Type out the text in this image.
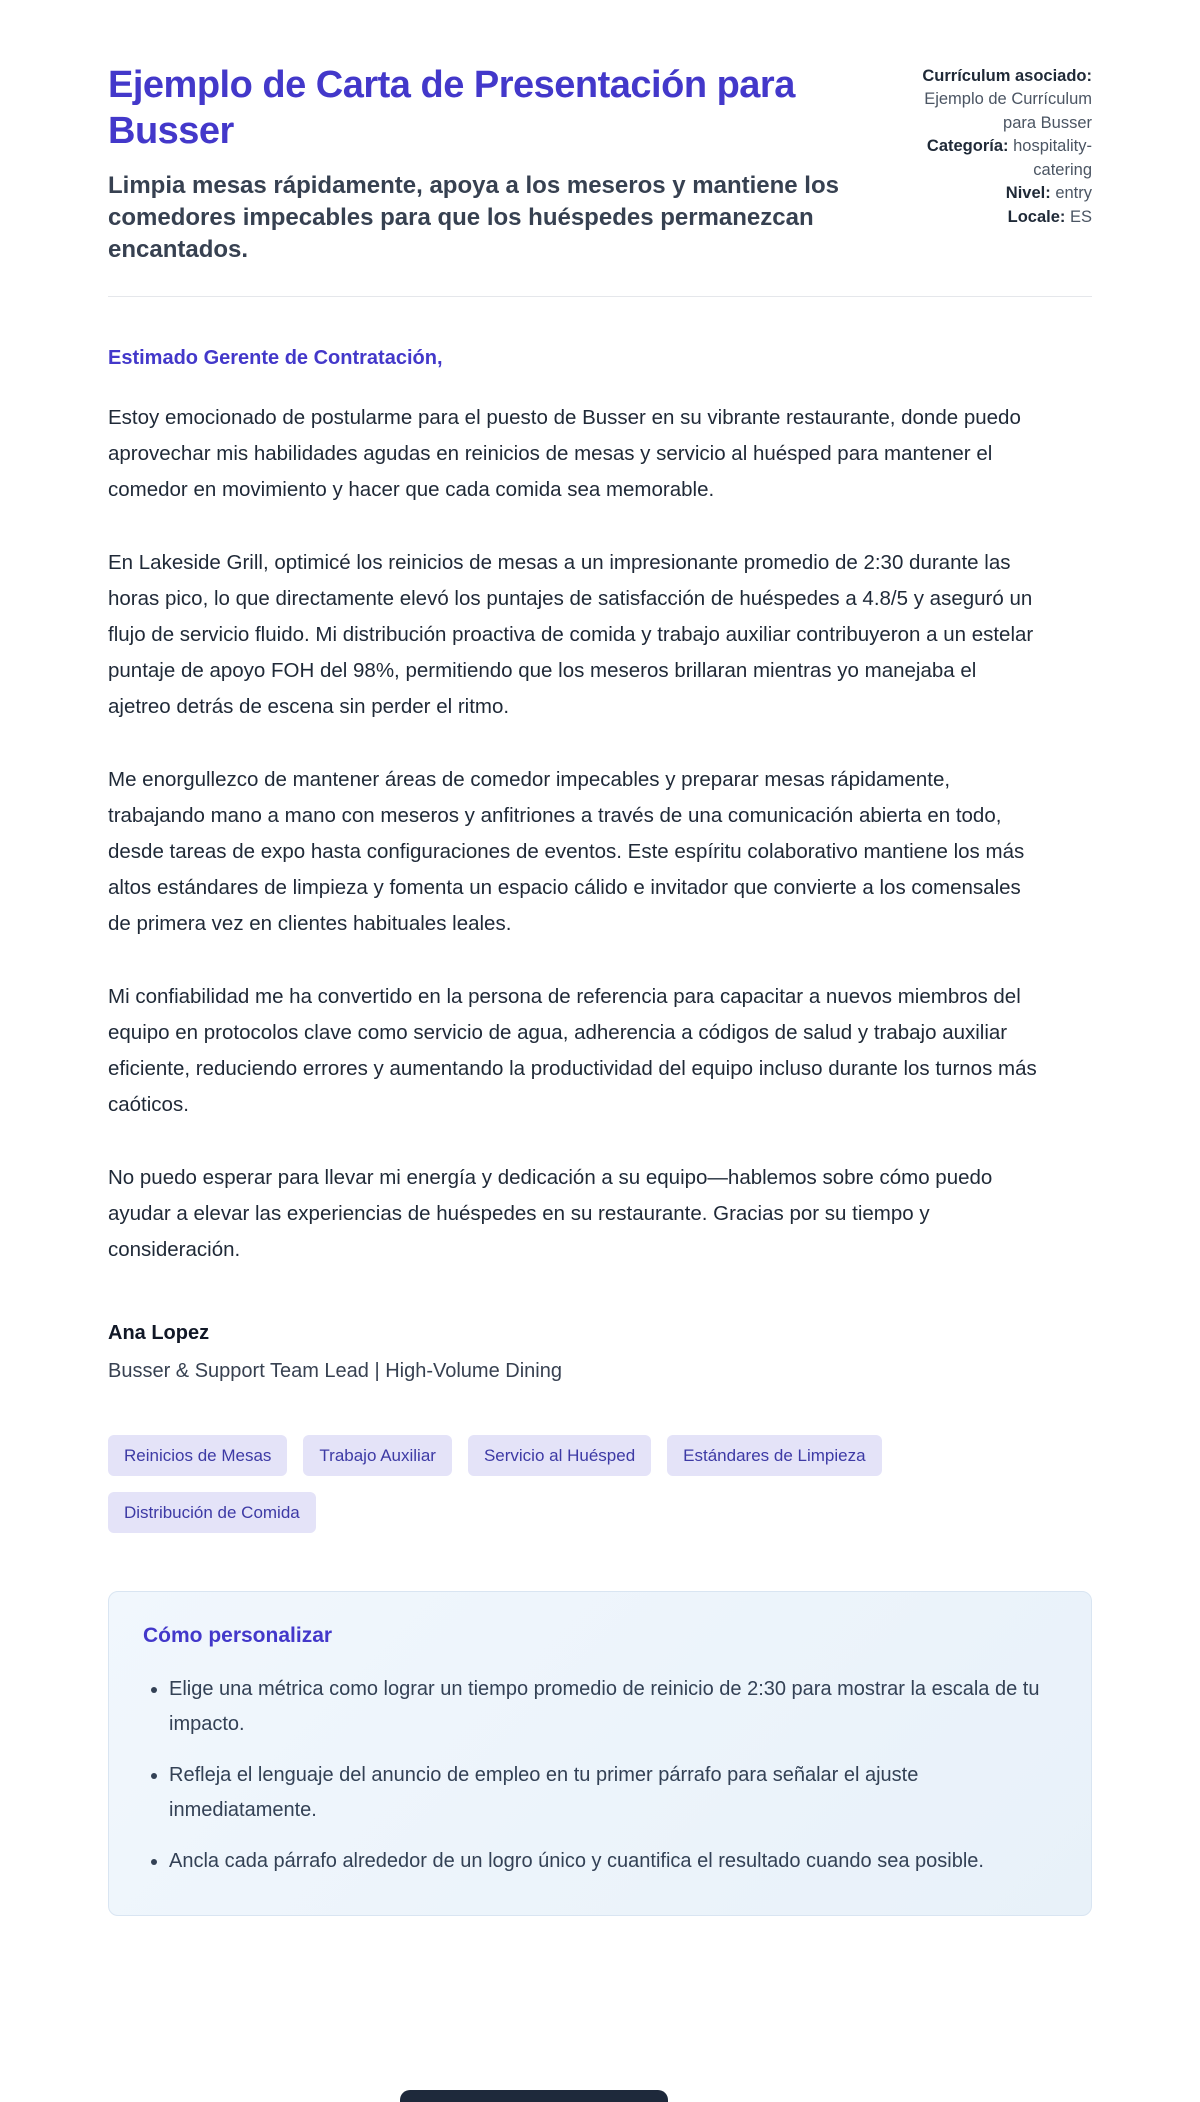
Ejemplo de Carta de Presentación para Busser

Limpia mesas rápidamente, apoya a los meseros y mantiene los comedores impecables para que los huéspedes permanezcan encantados.

Currículum asociado: Ejemplo de Currículum para Busser
Categoría: hospitality-catering
Nivel: entry
Locale: ES

Estimado Gerente de Contratación,

Estoy emocionado de postularme para el puesto de Busser en su vibrante restaurante, donde puedo aprovechar mis habilidades agudas en reinicios de mesas y servicio al huésped para mantener el comedor en movimiento y hacer que cada comida sea memorable.

En Lakeside Grill, optimicé los reinicios de mesas a un impresionante promedio de 2:30 durante las horas pico, lo que directamente elevó los puntajes de satisfacción de huéspedes a 4.8/5 y aseguró un flujo de servicio fluido. Mi distribución proactiva de comida y trabajo auxiliar contribuyeron a un estelar puntaje de apoyo FOH del 98%, permitiendo que los meseros brillaran mientras yo manejaba el ajetreo detrás de escena sin perder el ritmo.

Me enorgullezco de mantener áreas de comedor impecables y preparar mesas rápidamente, trabajando mano a mano con meseros y anfitriones a través de una comunicación abierta en todo, desde tareas de expo hasta configuraciones de eventos. Este espíritu colaborativo mantiene los más altos estándares de limpieza y fomenta un espacio cálido e invitador que convierte a los comensales de primera vez en clientes habituales leales.

Mi confiabilidad me ha convertido en la persona de referencia para capacitar a nuevos miembros del equipo en protocolos clave como servicio de agua, adherencia a códigos de salud y trabajo auxiliar eficiente, reduciendo errores y aumentando la productividad del equipo incluso durante los turnos más caóticos.

No puedo esperar para llevar mi energía y dedicación a su equipo—hablemos sobre cómo puedo ayudar a elevar las experiencias de huéspedes en su restaurante. Gracias por su tiempo y consideración.

Ana Lopez

Busser & Support Team Lead | High-Volume Dining

Reinicios de Mesas	Trabajo Auxiliar	Servicio al Huésped	Estándares de Limpieza
Distribución de Comida
Cómo personalizar
• Elige una métrica como lograr un tiempo promedio de reinicio de 2:30 para mostrar la escala de tu impacto.
• Refleja el lenguaje del anuncio de empleo en tu primer párrafo para señalar el ajuste inmediatamente.
• Ancla cada párrafo alrededor de un logro único y cuantifica el resultado cuando sea posible.
